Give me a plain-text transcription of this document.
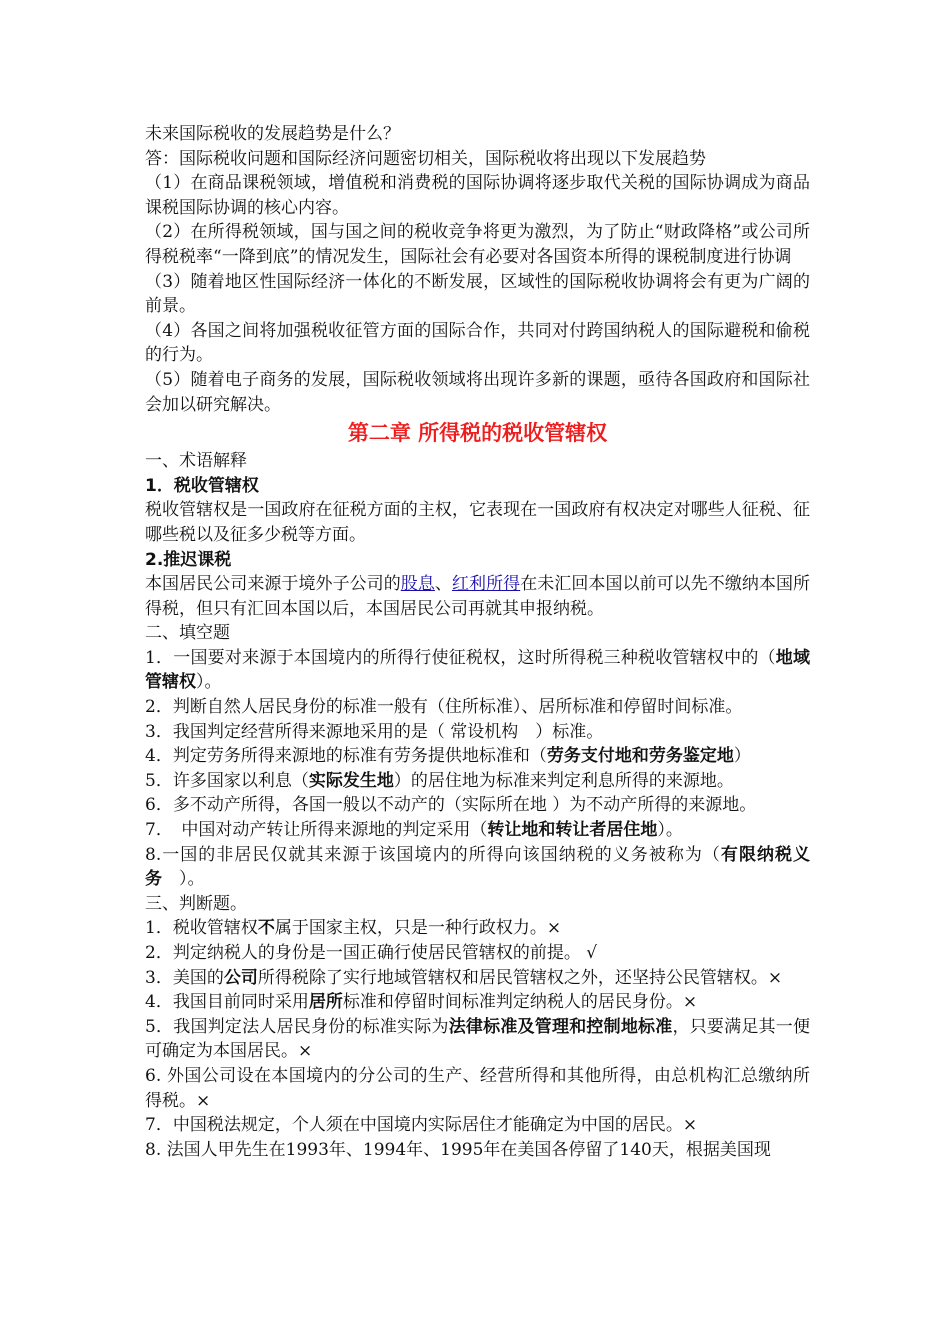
未来国际税收的发展趋势是什么？

答：国际税收问题和国际经济问题密切相关，国际税收将出现以下发展趋势

（1）在商品课税领域，增值税和消费税的国际协调将逐步取代关税的国际协调成为商品课税国际协调的核心内容。

（2）在所得税领域，国与国之间的税收竞争将更为激烈，为了防止“财政降格”或公司所得税税率“一降到底”的情况发生，国际社会有必要对各国资本所得的课税制度进行协调

（3）随着地区性国际经济一体化的不断发展，区域性的国际税收协调将会有更为广阔的前景。

（4）各国之间将加强税收征管方面的国际合作，共同对付跨国纳税人的国际避税和偷税的行为。

（5）随着电子商务的发展，国际税收领域将出现许多新的课题，亟待各国政府和国际社会加以研究解决。

第二章 所得税的税收管辖权

一、术语解释

1．税收管辖权

税收管辖权是一国政府在征税方面的主权，它表现在一国政府有权决定对哪些人征税、征哪些税以及征多少税等方面。

2.推迟课税

本国居民公司来源于境外子公司的股息、红利所得在未汇回本国以前可以先不缴纳本国所得税，但只有汇回本国以后，本国居民公司再就其申报纳税。

二、填空题

1．一国要对来源于本国境内的所得行使征税权，这时所得税三种税收管辖权中的（地域管辖权）。

2．判断自然人居民身份的标准一般有（住所标准）、居所标准和停留时间标准。

3．我国判定经营所得来源地采用的是（ 常设机构　）标准。

4．判定劳务所得来源地的标准有劳务提供地标准和（劳务支付地和劳务鉴定地）

5．许多国家以利息（实际发生地）的居住地为标准来判定利息所得的来源地。

6．多不动产所得，各国一般以不动产的（实际所在地 ）为不动产所得的来源地。

7．　中国对动产转让所得来源地的判定采用（转让地和转让者居住地）。

8.一国的非居民仅就其来源于该国境内的所得向该国纳税的义务被称为（有限纳税义务　）。

三、判断题。

1．税收管辖权不属于国家主权，只是一种行政权力。×

2．判定纳税人的身份是一国正确行使居民管辖权的前提。 √

3．美国的公司所得税除了实行地域管辖权和居民管辖权之外，还坚持公民管辖权。×

4．我国目前同时采用居所标准和停留时间标准判定纳税人的居民身份。×

5．我国判定法人居民身份的标准实际为法律标准及管理和控制地标准，只要满足其一便可确定为本国居民。×

6. 外国公司设在本国境内的分公司的生产、经营所得和其他所得，由总机构汇总缴纳所得税。×

7．中国税法规定，个人须在中国境内实际居住才能确定为中国的居民。×

8. 法国人甲先生在1993年、1994年、1995年在美国各停留了140天，根据美国现
